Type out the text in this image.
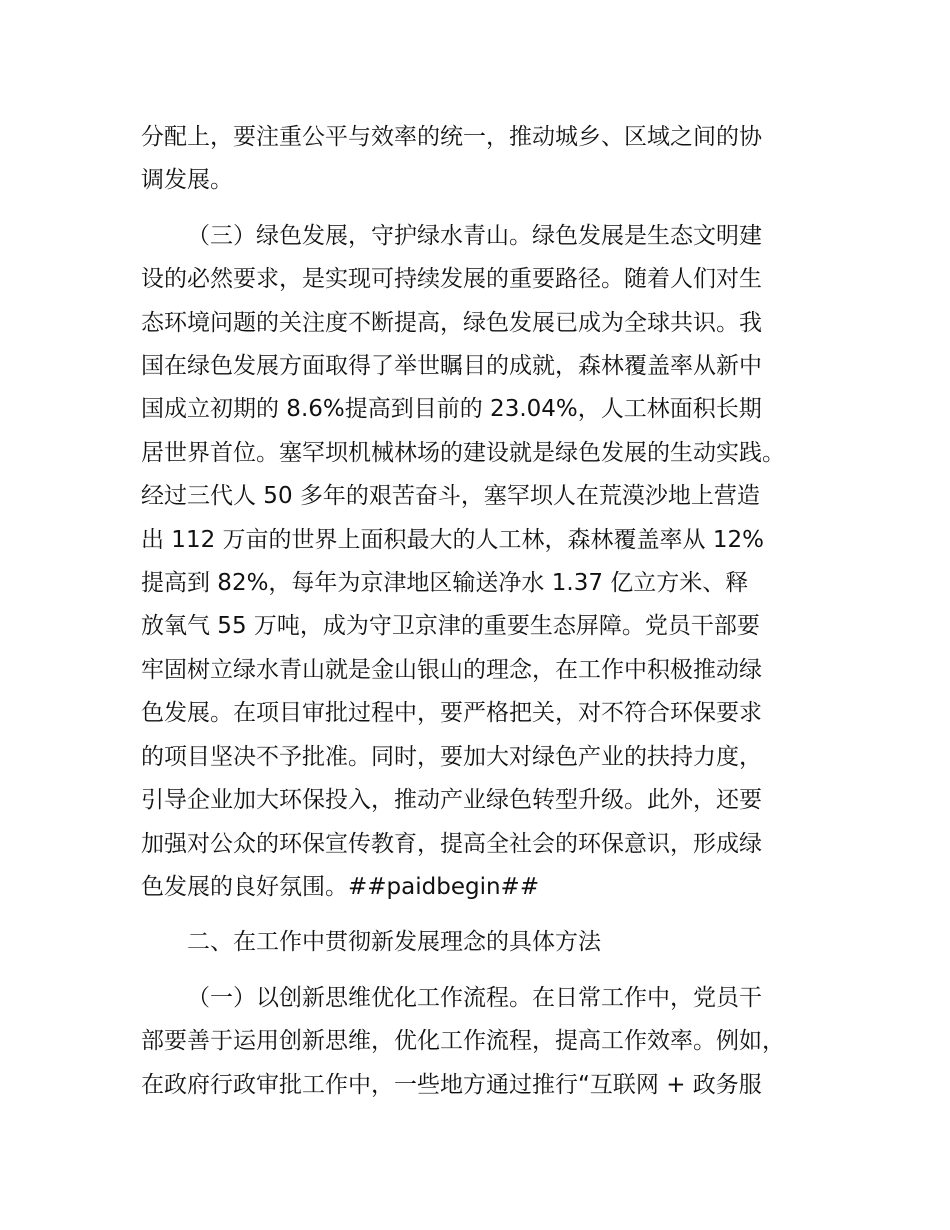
分配上，要注重公平与效率的统一，推动城乡、区域之间的协
调发展。
（三）绿色发展，守护绿水青山。绿色发展是生态文明建
设的必然要求，是实现可持续发展的重要路径。随着人们对生
态环境问题的关注度不断提高，绿色发展已成为全球共识。我
国在绿色发展方面取得了举世瞩目的成就，森林覆盖率从新中
国成立初期的 8.6%提高到目前的 23.04%，人工林面积长期
居世界首位。塞罕坝机械林场的建设就是绿色发展的生动实践。
经过三代人 50 多年的艰苦奋斗，塞罕坝人在荒漠沙地上营造
出 112 万亩的世界上面积最大的人工林，森林覆盖率从 12%
提高到 82%，每年为京津地区输送净水 1.37 亿立方米、释
放氧气 55 万吨，成为守卫京津的重要生态屏障。党员干部要
牢固树立绿水青山就是金山银山的理念，在工作中积极推动绿
色发展。在项目审批过程中，要严格把关，对不符合环保要求
的项目坚决不予批准。同时，要加大对绿色产业的扶持力度，
引导企业加大环保投入，推动产业绿色转型升级。此外，还要
加强对公众的环保宣传教育，提高全社会的环保意识，形成绿
色发展的良好氛围。##paidbegin##
二、在工作中贯彻新发展理念的具体方法
（一）以创新思维优化工作流程。在日常工作中，党员干
部要善于运用创新思维，优化工作流程，提高工作效率。例如，
在政府行政审批工作中，一些地方通过推行“互联网 + 政务服
